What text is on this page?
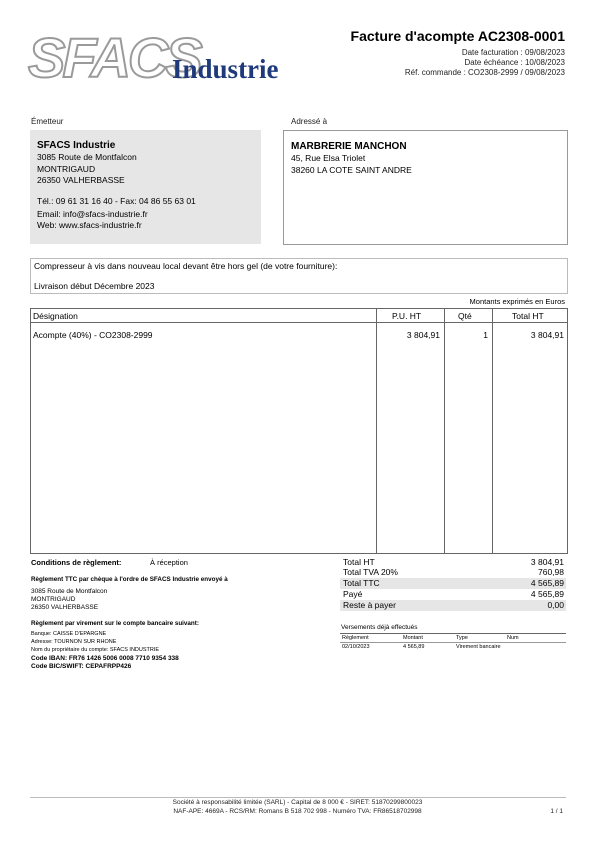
SFACS
Industrie
Facture d'acompte AC2308-0001
Date facturation : 09/08/2023
Date échéance : 10/08/2023
Réf. commande : CO2308-2999 / 09/08/2023
Émetteur
SFACS Industrie
3085 Route de Montfalcon
MONTRIGAUD
26350 VALHERBASSE
Tél.: 09 61 31 16 40 - Fax: 04 86 55 63 01
Email: info@sfacs-industrie.fr
Web: www.sfacs-industrie.fr
Adressé à
MARBRERIE MANCHON
45, Rue Elsa Triolet
38260 LA COTE SAINT ANDRE
Compresseur à vis dans nouveau local devant être hors gel (de votre fourniture):
Livraison début Décembre 2023
Montants exprimés en Euros
Désignation	P.U. HT	Qté	Total HT
Acompte (40%) - CO2308-2999	3 804,91	1	3 804,91
Conditions de règlement:	À réception
Règlement TTC par chèque à l'ordre de SFACS Industrie envoyé à
3085 Route de Montfalcon
MONTRIGAUD
26350 VALHERBASSE
Règlement par virement sur le compte bancaire suivant:
Banque: CAISSE D'EPARGNE
Adresse: TOURNON SUR RHONE
Nom du propriétaire du compte: SFACS INDUSTRIE
Code IBAN: FR76 1426 5006 0008 7710 9354 338
Code BIC/SWIFT: CEPAFRPP426
Total HT	3 804,91
Total TVA 20%	760,98
Total TTC	4 565,89
Payé	4 565,89
Reste à payer	0,00
Versements déjà effectués
Règlement	Montant	Type	Num
02/10/2023	4 565,89	Virement bancaire
Société à responsabilité limitée (SARL) - Capital de 8 000 € - SIRET: 51870299800023
NAF-APE: 4669A - RCS/RM: Romans B 518 702 998 - Numéro TVA: FR86518702998	1 / 1
